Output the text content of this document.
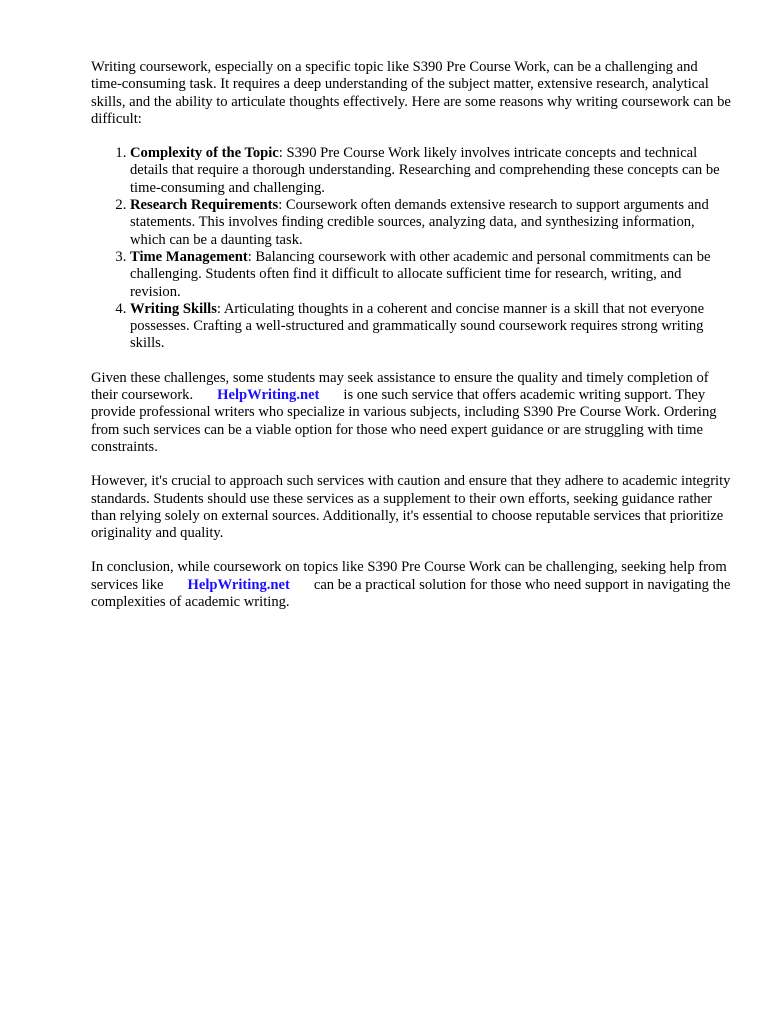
Writing coursework, especially on a specific topic like S390 Pre Course Work, can be a challenging and time-consuming task. It requires a deep understanding of the subject matter, extensive research, analytical skills, and the ability to articulate thoughts effectively. Here are some reasons why writing coursework can be difficult:

1. Complexity of the Topic: S390 Pre Course Work likely involves intricate concepts and technical details that require a thorough understanding. Researching and comprehending these concepts can be time-consuming and challenging.
2. Research Requirements: Coursework often demands extensive research to support arguments and statements. This involves finding credible sources, analyzing data, and synthesizing information, which can be a daunting task.
3. Time Management: Balancing coursework with other academic and personal commitments can be challenging. Students often find it difficult to allocate sufficient time for research, writing, and revision.
4. Writing Skills: Articulating thoughts in a coherent and concise manner is a skill that not everyone possesses. Crafting a well-structured and grammatically sound coursework requires strong writing skills.

Given these challenges, some students may seek assistance to ensure the quality and timely completion of their coursework. HelpWriting.net is one such service that offers academic writing support. They provide professional writers who specialize in various subjects, including S390 Pre Course Work. Ordering from such services can be a viable option for those who need expert guidance or are struggling with time constraints.

However, it's crucial to approach such services with caution and ensure that they adhere to academic integrity standards. Students should use these services as a supplement to their own efforts, seeking guidance rather than relying solely on external sources. Additionally, it's essential to choose reputable services that prioritize originality and quality.

In conclusion, while coursework on topics like S390 Pre Course Work can be challenging, seeking help from services like HelpWriting.net can be a practical solution for those who need support in navigating the complexities of academic writing.
